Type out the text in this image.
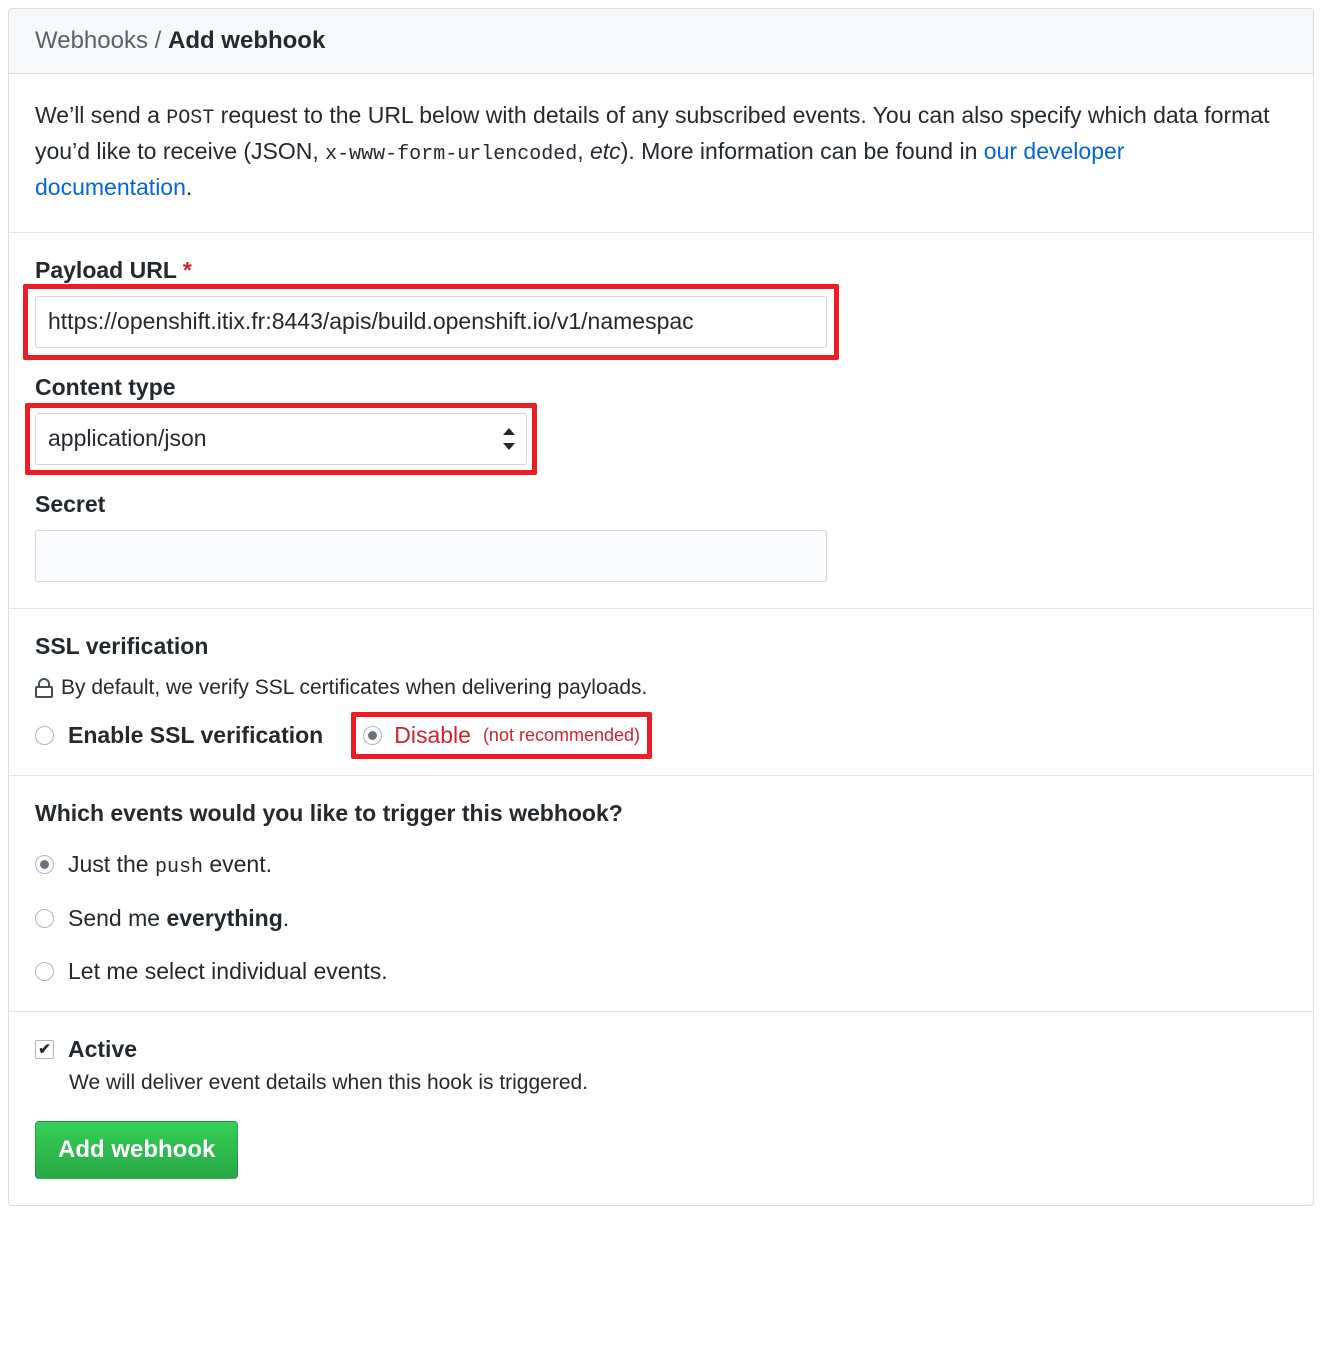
Webhooks / Add webhook

We’ll send a POST request to the URL below with details of any subscribed events. You can also specify which data format you’d like to receive (JSON, x-www-form-urlencoded, etc). More information can be found in our developer documentation.

Payload URL *
https://openshift.itix.fr:8443/apis/build.openshift.io/v1/namespac
Content type
application/json
Secret
SSL verification
By default, we verify SSL certificates when delivering payloads.
Enable SSL verification	Disable (not recommended)
Which events would you like to trigger this webhook?
Just the push event.
Send me everything.
Let me select individual events.
✔ Active
We will deliver event details when this hook is triggered.
Add webhook
